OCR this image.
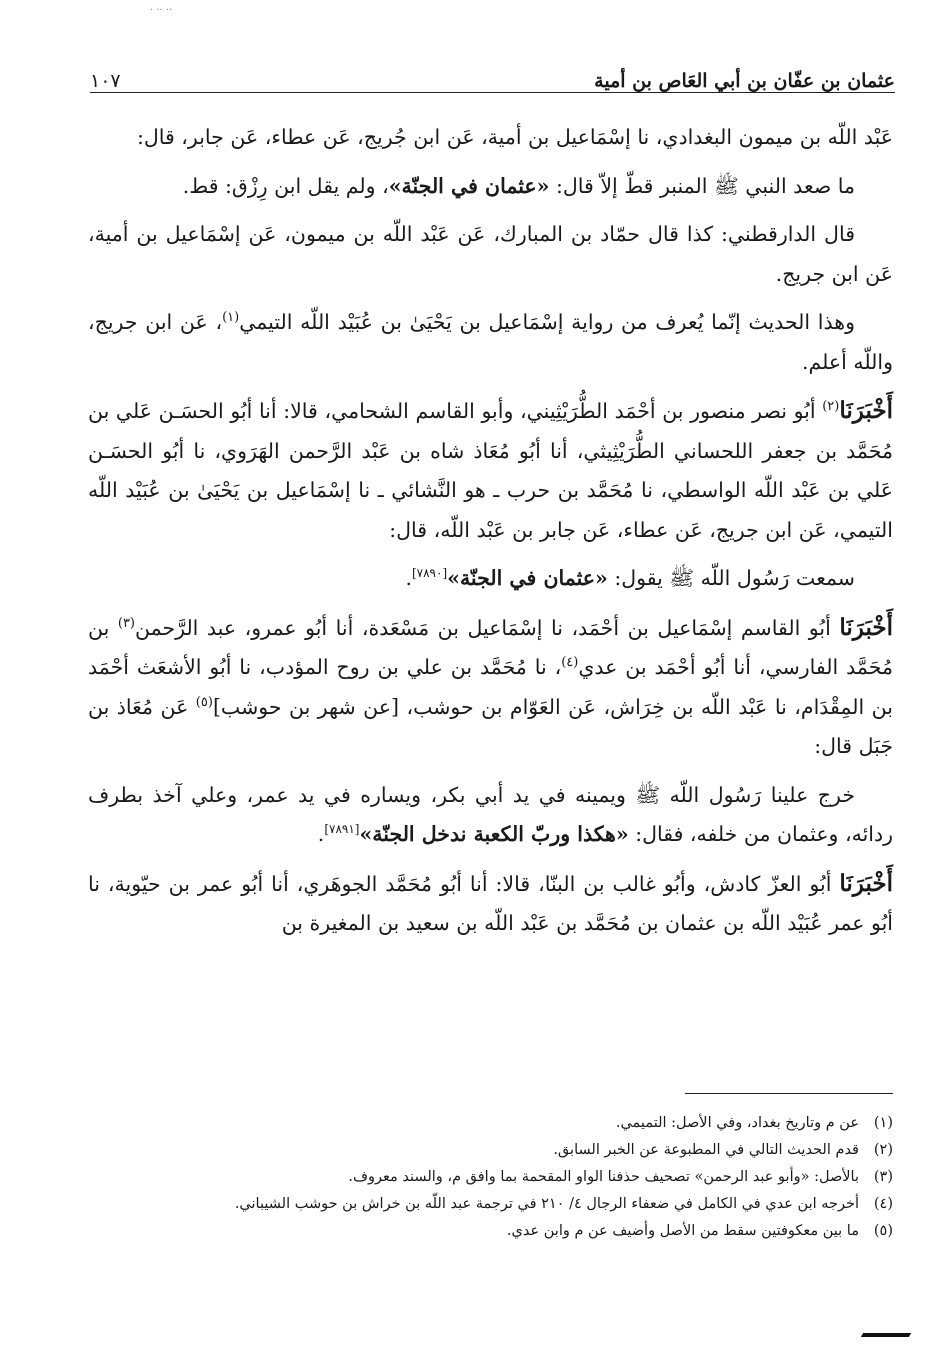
· ·· ··
عثمان بن عفّان بن أبي العَاص بن أمية
١٠٧

عَبْد اللّه بن ميمون البغدادي، نا إسْمَاعيل بن أمية، عَن ابن جُريج، عَن عطاء، عَن جابر، قال:

ما صعد النبي ﷺ المنبر قطّ إلاّ قال: «عثمان في الجنّة»، ولم يقل ابن رِزْق: قط.

قال الدارقطني: كذا قال حمّاد بن المبارك، عَن عَبْد اللّه بن ميمون، عَن إسْمَاعيل بن أمية، عَن ابن جريج.

وهذا الحديث إنّما يُعرف من رواية إسْمَاعيل بن يَحْيَىٰ بن عُبَيْد اللّه التيمي$^{(١)}$، عَن ابن جريج، واللّه أعلم.

أَخْبَرَنَا$^{(٢)}$ أبُو نصر منصور بن أحْمَد الطُّرَيْثِيني، وأبو القاسم الشحامي، قالا: أنا أبُو الحسَـن عَلي بن مُحَمَّد بن جعفر اللحساني الطُّرَيْثِيثي، أنا أبُو مُعَاذ شاه بن عَبْد الرَّحمن الهَرَوي، نا أبُو الحسَـن عَلي بن عَبْد اللّه الواسطي، نا مُحَمَّد بن حرب ـ هو النَّشائي ـ نا إسْمَاعيل بن يَحْيَىٰ بن عُبَيْد اللّه التيمي، عَن ابن جريج، عَن عطاء، عَن جابر بن عَبْد اللّه، قال:

سمعت رَسُول اللّه ﷺ يقول: «عثمان في الجنّة»[٧٨٩٠].

أَخْبَرَنَا أبُو القاسم إسْمَاعيل بن أحْمَد، نا إسْمَاعيل بن مَسْعَدة، أنا أبُو عمرو، عبد الرَّحمن$^{(٣)}$ بن مُحَمَّد الفارسي، أنا أبُو أحْمَد بن عدي$^{(٤)}$، نا مُحَمَّد بن علي بن روح المؤدب، نا أبُو الأشعَث أحْمَد بن المِقْدَام، نا عَبْد اللّه بن خِرَاش، عَن العَوّام بن حوشب، [عن شهر بن حوشب]$^{(٥)}$ عَن مُعَاذ بن جَبَل قال:

خرج علينا رَسُول اللّه ﷺ ويمينه في يد أبي بكر، ويساره في يد عمر، وعلي آخذ بطرف ردائه، وعثمان من خلفه، فقال: «هكذا وربّ الكعبة ندخل الجنّة»[٧٨٩١].

أَخْبَرَنَا أبُو العزّ كادش، وأبُو غالب بن البنّا، قالا: أنا أبُو مُحَمَّد الجوهَري، أنا أبُو عمر بن حيّوية، نا أبُو عمر عُبَيْد اللّه بن عثمان بن مُحَمَّد بن عَبْد اللّه بن سعيد بن المغيرة بن

(١)
عن م وتاريخ بغداد، وفي الأصل: التميمي.
(٢)
قدم الحديث التالي في المطبوعة عن الخبر السابق.
(٣)
بالأصل: «وأبو عبد الرحمن» تصحيف حذفنا الواو المقحمة بما وافق م، والسند معروف.
(٤)
أخرجه ابن عدي في الكامل في ضعفاء الرجال ٤/ ٢١٠ في ترجمة عبد اللّه بن خراش بن حوشب الشيباني.
(٥)
ما بين معكوفتين سقط من الأصل وأضيف عن م وابن عدي.
